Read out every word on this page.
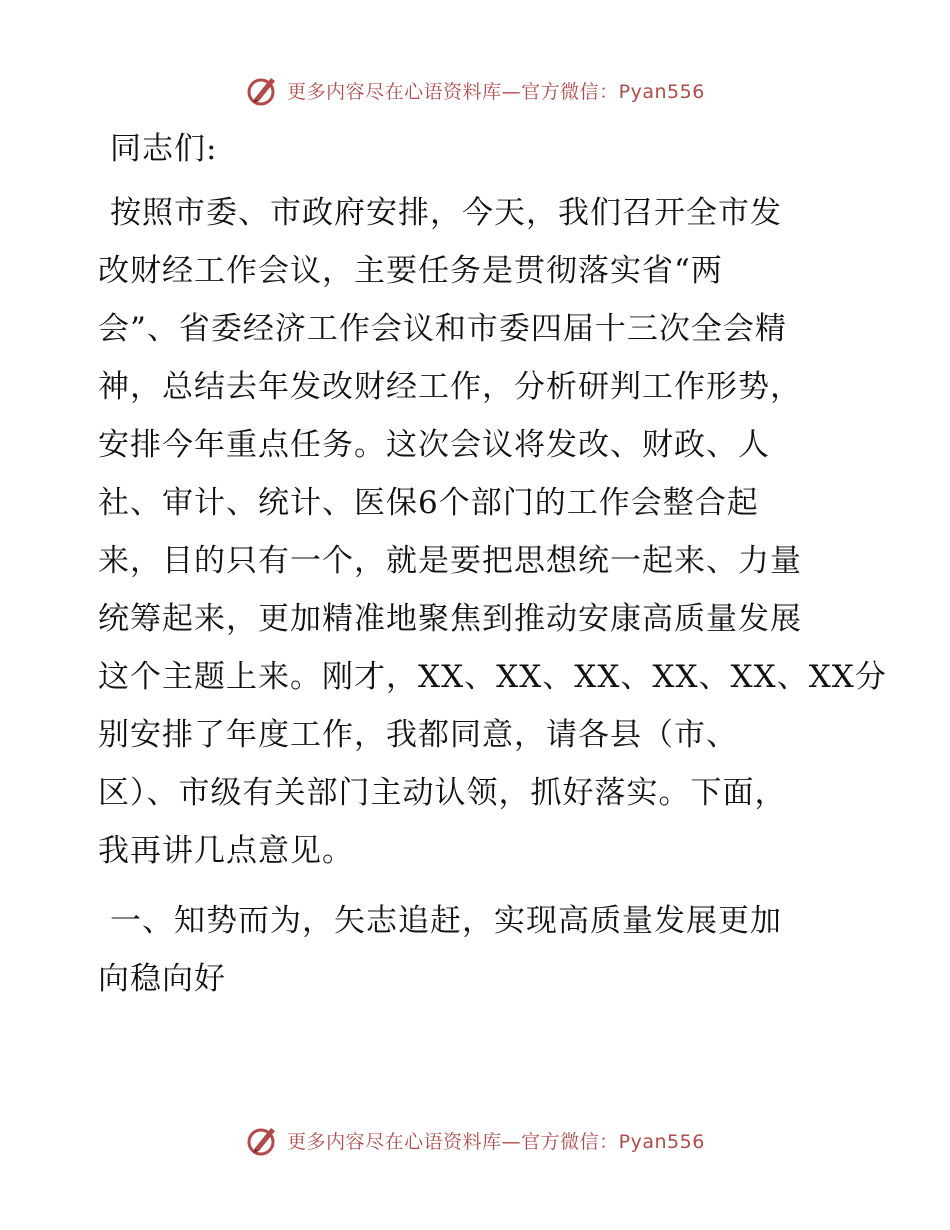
更多内容尽在心语资料库—官方微信：Pyan556
同志们:
按照市委、市政府安排，今天，我们召开全市发
改财经工作会议，主要任务是贯彻落实省“两
会”、省委经济工作会议和市委四届十三次全会精
神，总结去年发改财经工作，分析研判工作形势，
安排今年重点任务。这次会议将发改、财政、人
社、审计、统计、医保6个部门的工作会整合起
来，目的只有一个，就是要把思想统一起来、力量
统筹起来，更加精准地聚焦到推动安康高质量发展
这个主题上来。刚才，XX、XX、XX、XX、XX、XX分
别安排了年度工作，我都同意，请各县（市、
区）、市级有关部门主动认领，抓好落实。下面，
我再讲几点意见。
一、知势而为，矢志追赶，实现高质量发展更加
向稳向好
更多内容尽在心语资料库—官方微信：Pyan556
